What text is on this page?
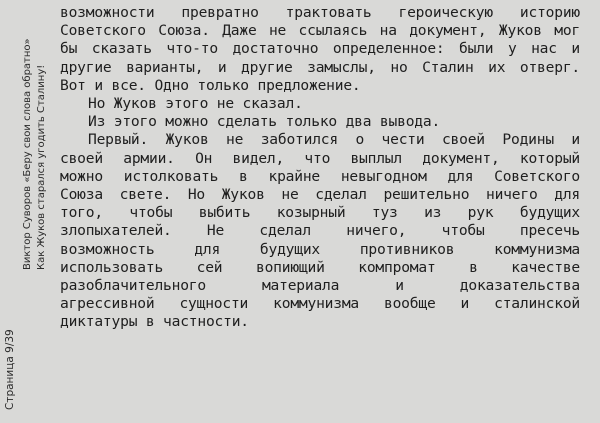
Страница 9/39
Виктор Суворов «Беру свои слова обратно» Как Жуков старался угодить Сталину!
возможности превратно трактовать героическую историю
Советского Союза. Даже не ссылаясь на документ, Жуков мог
бы сказать что-то достаточно определенное: были у нас и
другие варианты, и другие замыслы, но Сталин их отверг.
Вот и все. Одно только предложение.
Но Жуков этого не сказал.
Из этого можно сделать только два вывода.
Первый. Жуков не заботился о чести своей Родины и
своей армии. Он видел, что выплыл документ, который
можно истолковать в крайне невыгодном для Советского
Союза свете. Но Жуков не сделал решительно ничего для
того, чтобы выбить козырный туз из рук будущих
злопыхателей. Не сделал ничего, чтобы пресечь
возможность для будущих противников коммунизма
использовать сей вопиющий компромат в качестве
разоблачительного материала и доказательства
агрессивной сущности коммунизма вообще и сталинской
диктатуры в частности.
